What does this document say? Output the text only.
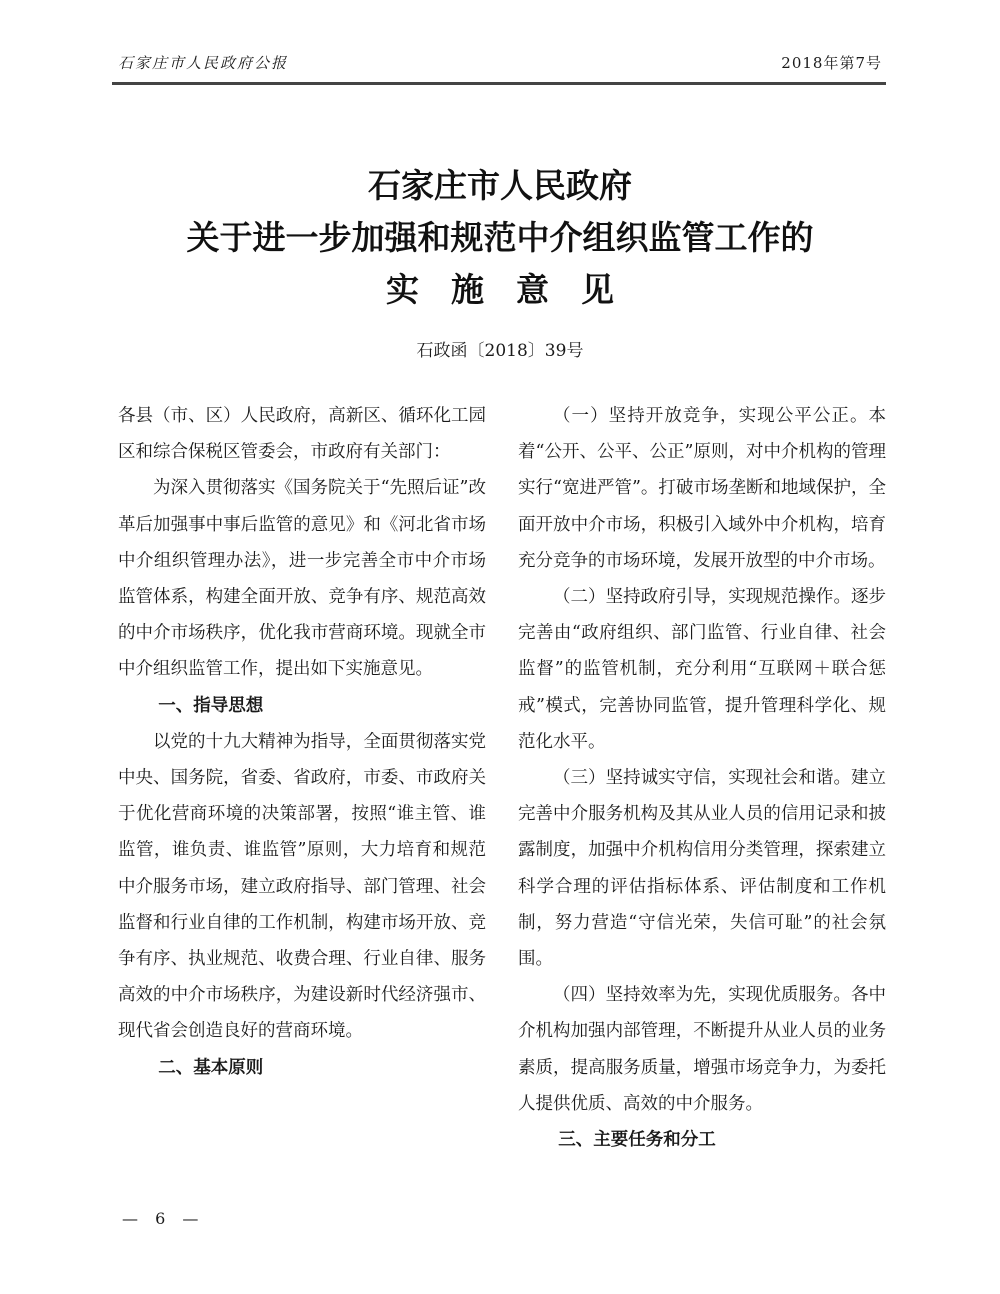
石家庄市人民政府公报	2018年第7号
石家庄市人民政府
关于进一步加强和规范中介组织监管工作的
实施意见
石政函〔2018〕39号

各县（市、区）人民政府，高新区、循环化工园区和综合保税区管委会，市政府有关部门：

为深入贯彻落实《国务院关于“先照后证”改革后加强事中事后监管的意见》和《河北省市场中介组织管理办法》，进一步完善全市中介市场监管体系，构建全面开放、竞争有序、规范高效的中介市场秩序，优化我市营商环境。现就全市中介组织监管工作，提出如下实施意见。

一、指导思想

以党的十九大精神为指导，全面贯彻落实党中央、国务院，省委、省政府，市委、市政府关于优化营商环境的决策部署，按照“谁主管、谁监管，谁负责、谁监管”原则，大力培育和规范中介服务市场，建立政府指导、部门管理、社会监督和行业自律的工作机制，构建市场开放、竞争有序、执业规范、收费合理、行业自律、服务高效的中介市场秩序，为建设新时代经济强市、现代省会创造良好的营商环境。

二、基本原则

（一）坚持开放竞争，实现公平公正。本着“公开、公平、公正”原则，对中介机构的管理实行“宽进严管”。打破市场垄断和地域保护，全面开放中介市场，积极引入域外中介机构，培育充分竞争的市场环境，发展开放型的中介市场。

（二）坚持政府引导，实现规范操作。逐步完善由“政府组织、部门监管、行业自律、社会监督”的监管机制，充分利用“互联网＋联合惩戒”模式，完善协同监管，提升管理科学化、规范化水平。

（三）坚持诚实守信，实现社会和谐。建立完善中介服务机构及其从业人员的信用记录和披露制度，加强中介机构信用分类管理，探索建立科学合理的评估指标体系、评估制度和工作机制，努力营造“守信光荣，失信可耻”的社会氛围。

（四）坚持效率为先，实现优质服务。各中介机构加强内部管理，不断提升从业人员的业务素质，提高服务质量，增强市场竞争力，为委托人提供优质、高效的中介服务。

三、主要任务和分工
— 6 —
